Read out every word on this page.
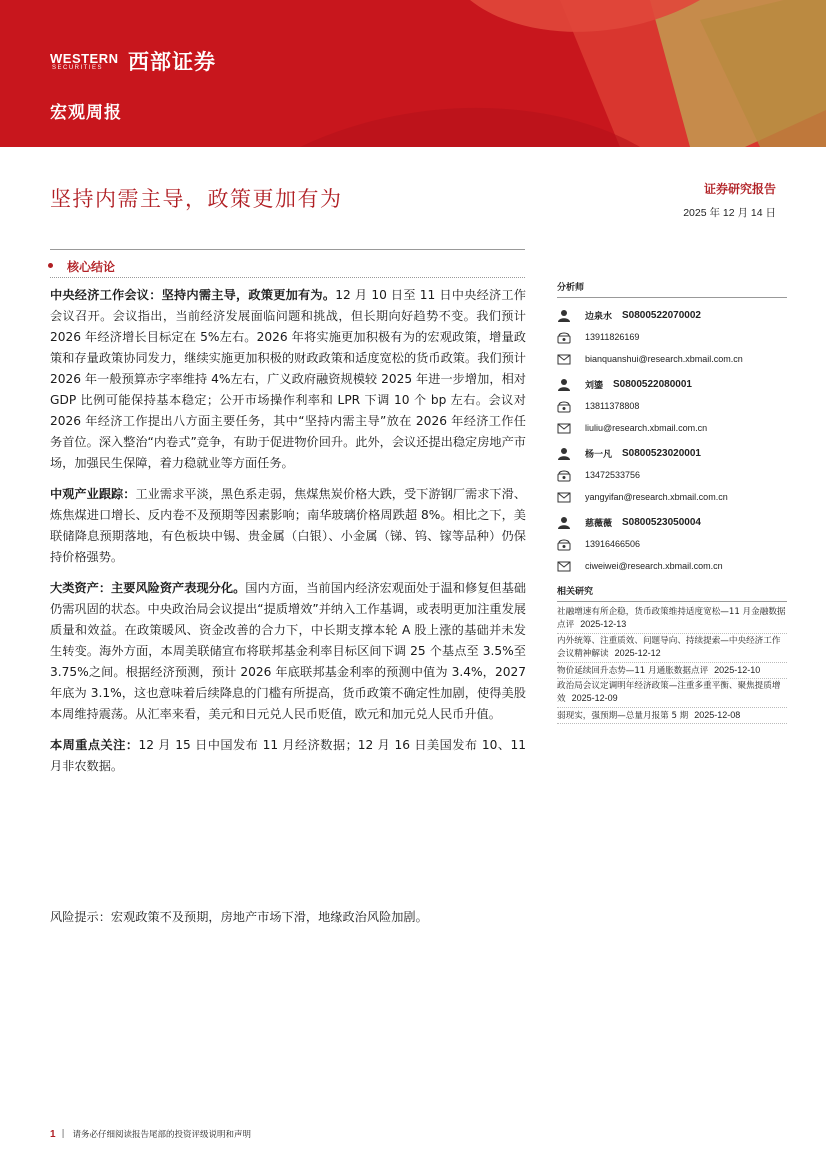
WESTERN
SECURITIES 西部证券
宏观周报
坚持内需主导，政策更加有为	证券研究报告
2025 年 12 月 14 日
核心结论

中央经济工作会议：坚持内需主导，政策更加有为。12 月 10 日至 11 日中央经济工作会议召开。会议指出，当前经济发展面临问题和挑战，但长期向好趋势不变。我们预计 2026 年经济增长目标定在 5%左右。2026 年将实施更加积极有为的宏观政策，增量政策和存量政策协同发力，继续实施更加积极的财政政策和适度宽松的货币政策。我们预计 2026 年一般预算赤字率维持 4%左右，广义政府融资规模较 2025 年进一步增加，相对 GDP 比例可能保持基本稳定；公开市场操作利率和 LPR 下调 10 个 bp 左右。会议对 2026 年经济工作提出八方面主要任务，其中“坚持内需主导”放在 2026 年经济工作任务首位。深入整治“内卷式”竞争，有助于促进物价回升。此外，会议还提出稳定房地产市场，加强民生保障，着力稳就业等方面任务。

中观产业跟踪：工业需求平淡，黑色系走弱，焦煤焦炭价格大跌，受下游钢厂需求下滑、炼焦煤进口增长、反内卷不及预期等因素影响；南华玻璃价格周跌超 8%。相比之下，美联储降息预期落地，有色板块中锡、贵金属（白银）、小金属（锑、钨、镓等品种）仍保持价格强势。

大类资产：主要风险资产表现分化。国内方面，当前国内经济宏观面处于温和修复但基础仍需巩固的状态。中央政治局会议提出“提质增效”并纳入工作基调，或表明更加注重发展质量和效益。在政策暖风、资金改善的合力下，中长期支撑本轮 A 股上涨的基础并未发生转变。海外方面，本周美联储宣布将联邦基金利率目标区间下调 25 个基点至 3.5%至 3.75%之间。根据经济预测，预计 2026 年底联邦基金利率的预测中值为 3.4%，2027 年底为 3.1%，这也意味着后续降息的门槛有所提高，货币政策不确定性加剧，使得美股本周维持震荡。从汇率来看，美元和日元兑人民币贬值，欧元和加元兑人民币升值。

本周重点关注：12 月 15 日中国发布 11 月经济数据；12 月 16 日美国发布 10、11 月非农数据。

风险提示：宏观政策不及预期，房地产市场下滑，地缘政治风险加剧。
分析师
边泉水 S0800522070002
13911826169
bianquanshui@research.xbmail.com.cn
刘鎏 S0800522080001
13811378808
liuliu@research.xbmail.com.cn
杨一凡 S0800523020001
13472533756
yangyifan@research.xbmail.com.cn
慈薇薇 S0800523050004
13916466506
ciweiwei@research.xbmail.com.cn
相关研究
社融增速有所企稳，货币政策维持适度宽松—11 月金融数据点评 2025-12-13
内外统筹、注重质效、问题导向、持续提索—中央经济工作会议精神解读 2025-12-12
物价延续回升态势—11 月通胀数据点评 2025-12-10
政治局会议定调明年经济政策—注重多重平衡、聚焦提质增效 2025-12-09
弱现实，强预期—总量月报第 5 期 2025-12-08
1 | 请务必仔细阅读报告尾部的投资评级说明和声明
